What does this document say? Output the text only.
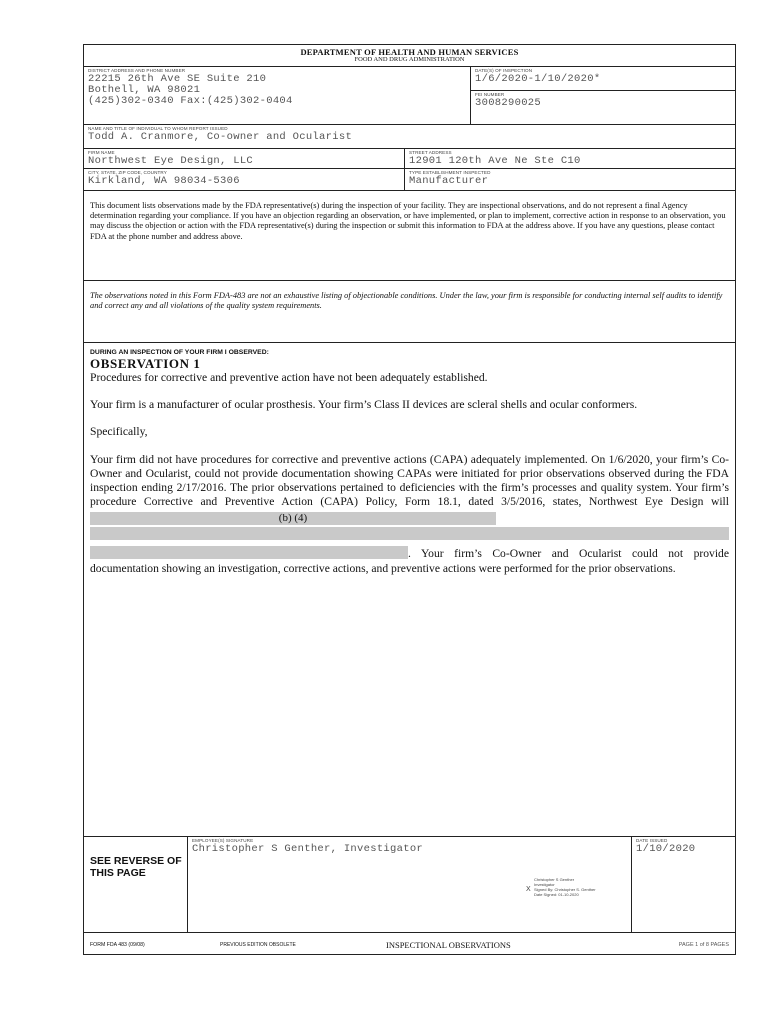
DEPARTMENT OF HEALTH AND HUMAN SERVICES
FOOD AND DRUG ADMINISTRATION
DISTRICT ADDRESS AND PHONE NUMBER
22215 26th Ave SE Suite 210
Bothell, WA 98021
(425)302-0340 Fax:(425)302-0404
DATE(S) OF INSPECTION
1/6/2020-1/10/2020*
FEI NUMBER
3008290025
NAME AND TITLE OF INDIVIDUAL TO WHOM REPORT ISSUED
Todd A. Cranmore, Co-owner and Ocularist
FIRM NAME
Northwest Eye Design, LLC
STREET ADDRESS
12901 120th Ave Ne Ste C10
CITY, STATE, ZIP CODE, COUNTRY
Kirkland, WA 98034-5306
TYPE ESTABLISHMENT INSPECTED
Manufacturer
This document lists observations made by the FDA representative(s) during the inspection of your facility. They are inspectional observations, and do not represent a final Agency determination regarding your compliance. If you have an objection regarding an observation, or have implemented, or plan to implement, corrective action in response to an observation, you may discuss the objection or action with the FDA representative(s) during the inspection or submit this information to FDA at the address above. If you have any questions, please contact FDA at the phone number and address above.
The observations noted in this Form FDA-483 are not an exhaustive listing of objectionable conditions. Under the law, your firm is responsible for conducting internal self audits to identify and correct any and all violations of the quality system requirements.
DURING AN INSPECTION OF YOUR FIRM I OBSERVED:
OBSERVATION 1

Procedures for corrective and preventive action have not been adequately established.

Your firm is a manufacturer of ocular prosthesis. Your firm’s Class II devices are scleral shells and ocular conformers.

Specifically,

Your firm did not have procedures for corrective and preventive actions (CAPA) adequately implemented. On 1/6/2020, your firm’s Co-Owner and Ocularist, could not provide documentation showing CAPAs were initiated for prior observations observed during the FDA inspection ending 2/17/2016. The prior observations pertained to deficiencies with the firm’s processes and quality system. Your firm’s procedure Corrective and Preventive Action (CAPA) Policy, Form 18.1, dated 3/5/2016, states, Northwest Eye Design will (b) (4)
. Your firm’s Co-Owner and Ocularist could not provide documentation showing an investigation, corrective actions, and preventive actions were performed for the prior observations.

SEE REVERSE OF THIS PAGE
EMPLOYEE(S) SIGNATURE
Christopher S Genther, Investigator
X
Christopher S Genther
Investigator
Signed By: Christopher S. Genther
Date Signed: 01-10-2020
DATE ISSUED
1/10/2020
FORM FDA 483 (09/08)	PREVIOUS EDITION OBSOLETE	INSPECTIONAL OBSERVATIONS	PAGE 1 of 8 PAGES
